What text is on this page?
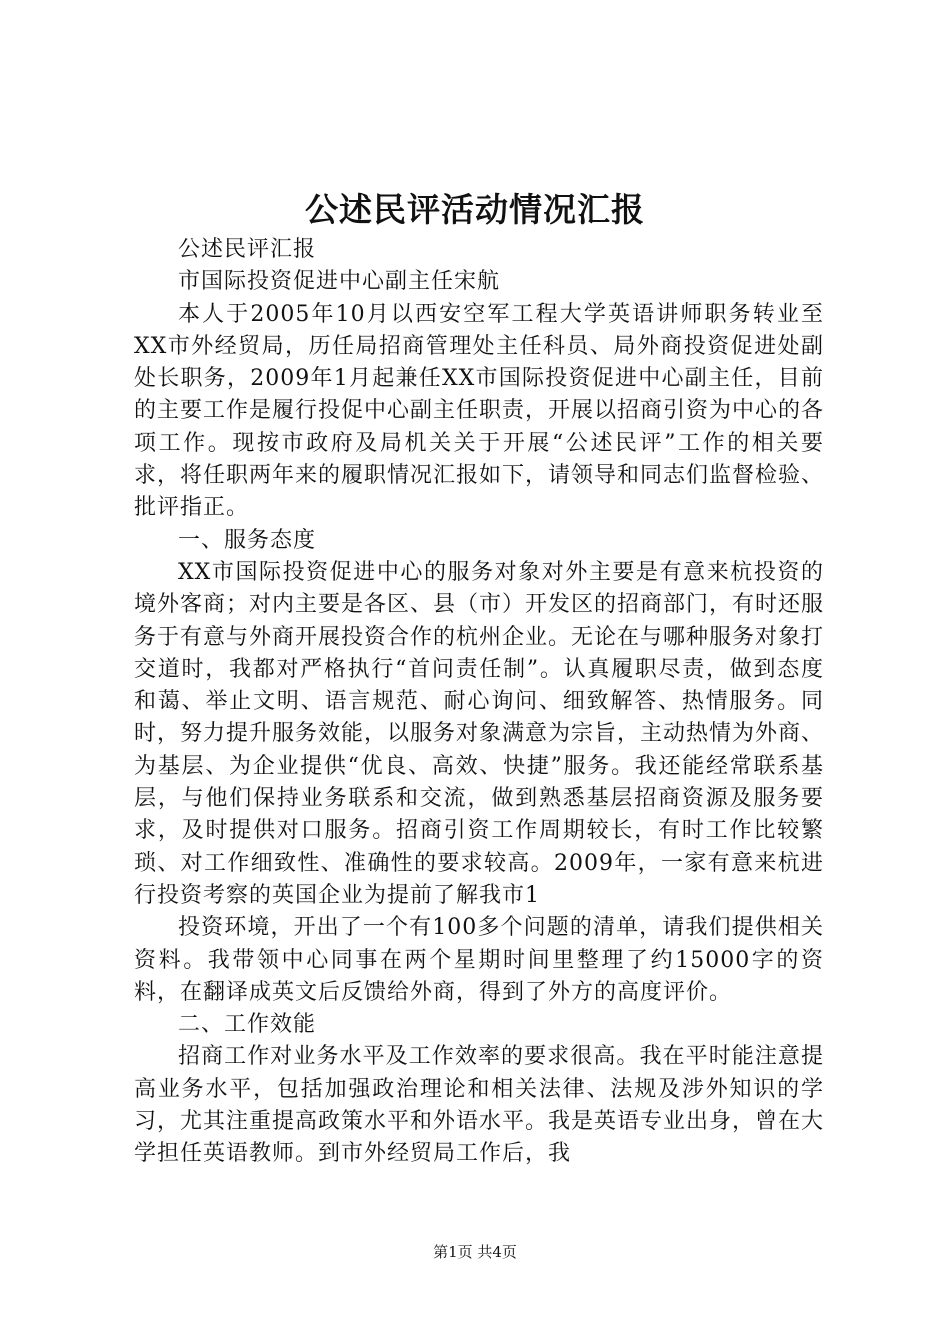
公述民评活动情况汇报

公述民评汇报

市国际投资促进中心副主任宋航

本人于2005年10月以西安空军工程大学英语讲师职务转业至XX市外经贸局，历任局招商管理处主任科员、局外商投资促进处副处长职务，2009年1月起兼任XX市国际投资促进中心副主任，目前的主要工作是履行投促中心副主任职责，开展以招商引资为中心的各项工作。现按市政府及局机关关于开展“公述民评”工作的相关要求，将任职两年来的履职情况汇报如下，请领导和同志们监督检验、批评指正。

一、服务态度

XX市国际投资促进中心的服务对象对外主要是有意来杭投资的境外客商；对内主要是各区、县（市）开发区的招商部门，有时还服务于有意与外商开展投资合作的杭州企业。无论在与哪种服务对象打交道时，我都对严格执行“首问责任制”。认真履职尽责，做到态度和蔼、举止文明、语言规范、耐心询问、细致解答、热情服务。同时，努力提升服务效能，以服务对象满意为宗旨，主动热情为外商、为基层、为企业提供“优良、高效、快捷”服务。我还能经常联系基层，与他们保持业务联系和交流，做到熟悉基层招商资源及服务要求，及时提供对口服务。招商引资工作周期较长，有时工作比较繁琐、对工作细致性、准确性的要求较高。2009年，一家有意来杭进行投资考察的英国企业为提前了解我市1

投资环境，开出了一个有100多个问题的清单，请我们提供相关资料。我带领中心同事在两个星期时间里整理了约15000字的资料，在翻译成英文后反馈给外商，得到了外方的高度评价。

二、工作效能

招商工作对业务水平及工作效率的要求很高。我在平时能注意提高业务水平，包括加强政治理论和相关法律、法规及涉外知识的学习，尤其注重提高政策水平和外语水平。我是英语专业出身，曾在大学担任英语教师。到市外经贸局工作后，我

第1页 共4页
